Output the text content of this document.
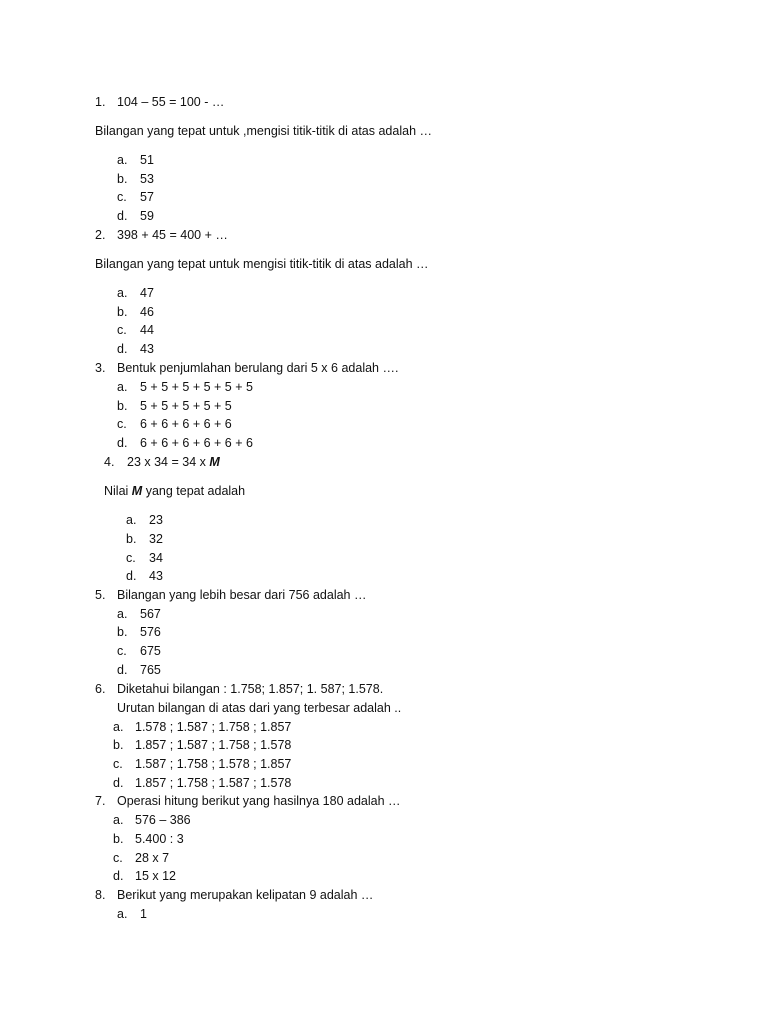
1. 104 – 55 = 100 - …
Bilangan yang tepat untuk ,mengisi titik-titik di atas adalah …
a. 51
b. 53
c. 57
d. 59
2. 398 + 45 = 400 + …
Bilangan yang tepat untuk mengisi titik-titik di atas adalah …
a. 47
b. 46
c. 44
d. 43
3. Bentuk penjumlahan berulang dari 5 x 6 adalah ….
a. 5 + 5 + 5 + 5 + 5 + 5
b. 5 + 5 + 5 + 5 + 5
c. 6 + 6 + 6 + 6 + 6
d. 6 + 6 + 6 + 6 + 6 + 6
4. 23 x 34 = 34 x M
Nilai M yang tepat adalah
a. 23
b. 32
c. 34
d. 43
5. Bilangan yang lebih besar dari 756 adalah …
a. 567
b. 576
c. 675
d. 765
6. Diketahui bilangan : 1.758; 1.857; 1. 587; 1.578.
Urutan bilangan di atas dari yang terbesar adalah ..
a. 1.578 ; 1.587 ; 1.758 ; 1.857
b. 1.857 ; 1.587 ; 1.758 ; 1.578
c. 1.587 ; 1.758 ; 1.578 ; 1.857
d. 1.857 ; 1.758 ; 1.587 ; 1.578
7. Operasi hitung berikut yang hasilnya 180 adalah …
a. 576 – 386
b. 5.400 : 3
c. 28 x 7
d. 15 x 12
8. Berikut yang merupakan kelipatan 9 adalah …
a. 1
